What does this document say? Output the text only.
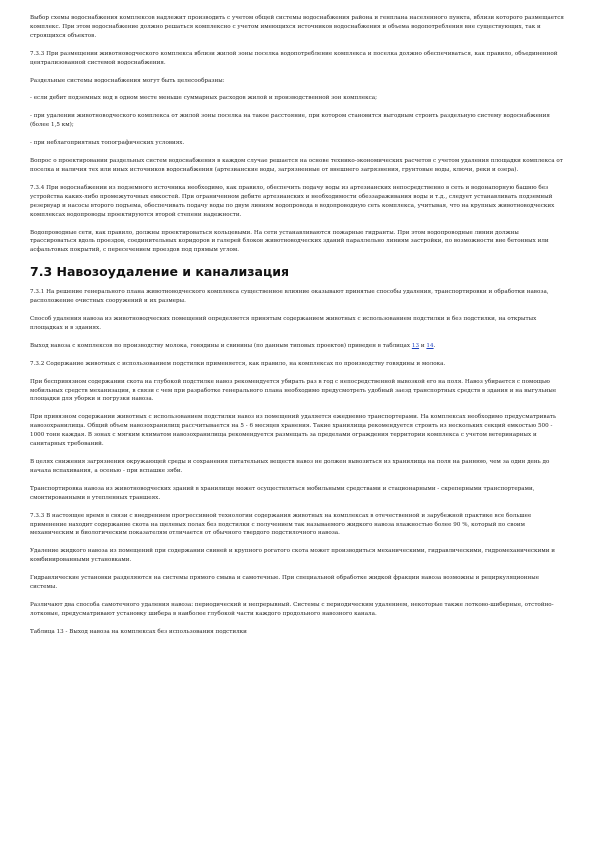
Выбор схемы водоснабжения комплексов надлежит производить с учетом общей системы водоснабжения района и генплана населенного пункта, вблизи которого размещается комплекс. При этом водоснабжение должно решаться комплексно с учетом имеющихся источников водоснабжения и объема водопотребления вне существующих, так и строящихся объектов.

7.3.3 При размещении животноводческого комплекса вблизи жилой зоны поселка водопотребление комплекса и поселка должно обеспечиваться, как правило, объединенной централизованной системой водоснабжения.

Раздельные системы водоснабжения могут быть целесообразны:

- если дебит подземных вод в одном месте меньше суммарных расходов жилой и производственной зон комплекса;

- при удалении животноводческого комплекса от жилой зоны поселка на такое расстояние, при котором становится выгодным строить раздельную систему водоснабжения (более 1,5 км);

- при неблагоприятных топографических условиях.

Вопрос о проектировании раздельных систем водоснабжения в каждом случае решается на основе технико-экономических расчетов с учетом удаления площадки комплекса от поселка и наличия тех или иных источников водоснабжения (артезианские воды, загрязненные от внешнего загрязнения, грунтовые воды, ключи, реки и озера).

7.3.4 При водоснабжении из подземного источника необходимо, как правило, обеспечить подачу воды из артезианских непосредственно в сеть и водонапорную башню без устройства каких-либо промежуточных емкостей. При ограниченном дебите артезианских и необходимости обеззараживания воды и т.д., следует устанавливать подземный резервуар и насосы второго подъема, обеспечивать подачу воды по двум линиям водопровода в водопроводную сеть комплекса, учитывая, что на крупных животноводческих комплексах водопроводы проектируются второй степени надежности.

Водопроводные сети, как правило, должны проектироваться кольцевыми. На сети устанавливаются пожарные гидранты. При этом водопроводные линии должны трассироваться вдоль проездов, соединительных коридоров и галерей блоков животноводческих зданий параллельно линиям застройки, по возможности вне бетонных или асфальтовых покрытий, с пересечением проездов под прямым углом.

7.3 Навозоудаление и канализация

7.3.1 На решение генерального плана животноводческого комплекса существенное влияние оказывают принятые способы удаления, транспортировки и обработки навоза, расположение очистных сооружений и их размеры.

Способ удаления навоза из животноводческих помещений определяется принятым содержанием животных с использованием подстилки и без подстилки, на открытых площадках и в зданиях.

Выход навоза с комплексов по производству молока, говядины и свинины (по данным типовых проектов) приведен в таблицах 13 и 14.

7.3.2 Содержание животных с использованием подстилки применяется, как правило, на комплексах по производству говядины и молока.

При беспривязном содержании скота на глубокой подстилке навоз рекомендуется убирать раз в год с непосредственной вывозкой его на поля. Навоз убирается с помощью мобильных средств механизации, в связи с чем при разработке генерального плана необходимо предусмотреть удобный заезд транспортных средств в здания и на выгульные площадки для уборки и погрузки навоза.

При привязном содержании животных с использованием подстилки навоз из помещений удаляется ежедневно транспортерами. На комплексах необходимо предусматривать навозохранилища. Общий объем навозохранилищ рассчитывается на 5 - 6 месяцев хранения. Такие хранилища рекомендуется строить из нескольких секций емкостью 500 - 1000 тонн каждая. В зонах с мягким климатом навозохранилища рекомендуется размещать за пределами ограждения территории комплекса с учетом ветеринарных и санитарных требований.

В целях снижения загрязнения окружающей среды и сохранения питательных веществ навоз не должен вывозиться из хранилища на поля на раннюю, чем за один день до начала вспахивания, а осенью - при вспашке зяби.

Транспортировка навоза из животноводческих зданий в хранилище может осуществляться мобильными средствами и стационарными - скреперными транспортерами, смонтированными в утепленных траншеях.

7.3.3 В настоящее время в связи с внедрением прогрессивной технологии содержания животных на комплексах в отечественной и зарубежной практике все большее применение находит содержание скота на щелевых полах без подстилки с получением так называемого жидкого навоза влажностью более 90 %, который по своим механическим и биологическим показателям отличается от обычного твердого подстилочного навоза.

Удаление жидкого навоза из помещений при содержании свиней и крупного рогатого скота может производиться механическими, гидравлическими, гидромеханическими и комбинированными установками.

Гидравлические установки разделяются на системы прямого смыва и самотечные. При специальной обработке жидкой фракции навоза возможны и рециркуляционные системы.

Различают два способа самотечного удаления навоза: периодический и непрерывный. Системы с периодическим удалением, некоторые также лотково-шиберные, отстойно-лотковые, предусматривают установку шибера в наиболее глубокой части каждого продольного навозного канала.

Таблица 13 - Выход навоза на комплексах без использования подстилки
